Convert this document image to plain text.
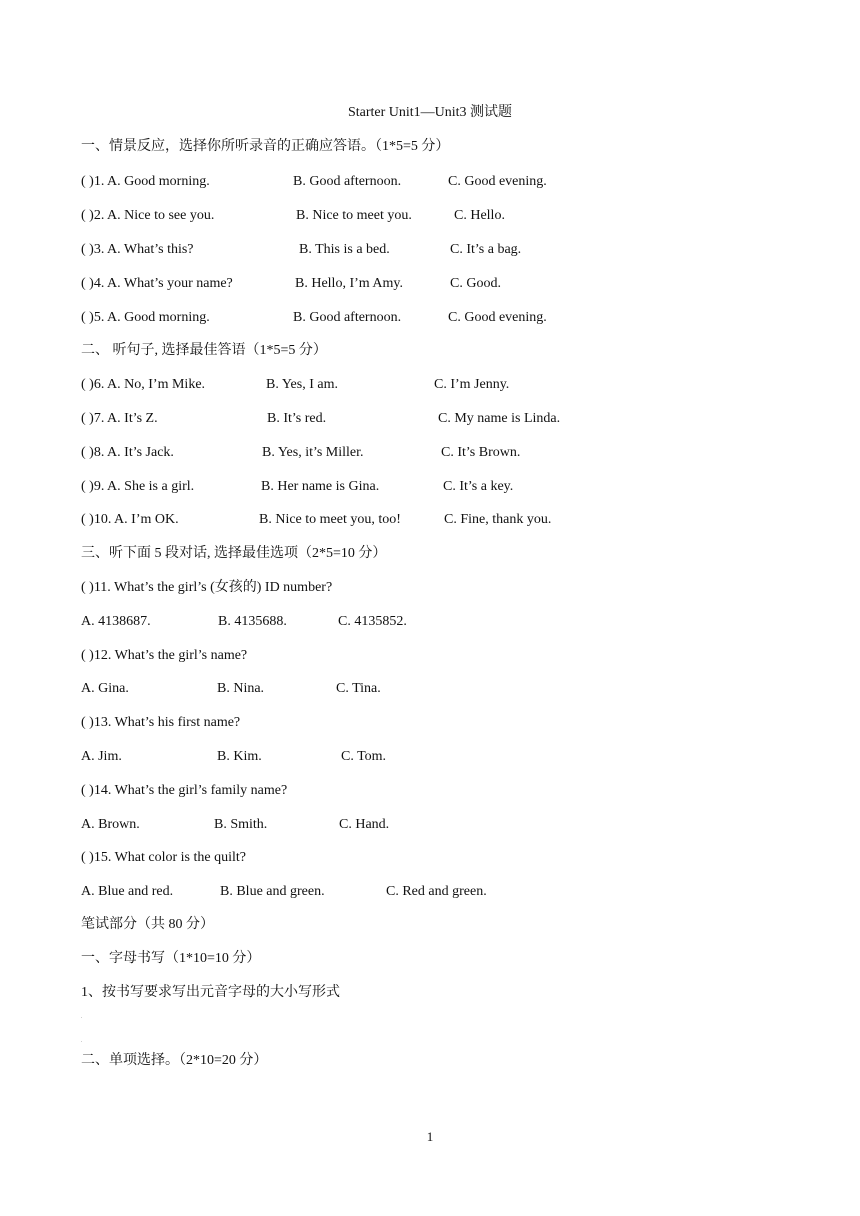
Starter Unit1—Unit3 测试题
一、情景反应，选择你所听录音的正确应答语。（1*5=5 分）
( )1. A. Good morning.	B. Good afternoon.	C. Good evening.
( )2. A. Nice to see you.	B. Nice to meet you.	C. Hello.
( )3. A. What’s this?	B. This is a bed.	C. It’s a bag.
( )4. A. What’s your name?	B. Hello, I’m Amy.	C. Good.
( )5. A. Good morning.	B. Good afternoon.	C. Good evening.
二、 听句子, 选择最佳答语（1*5=5 分）
( )6. A. No, I’m Mike.	B. Yes, I am.	C. I’m Jenny.
( )7. A. It’s Z.	B. It’s red.	C. My name is Linda.
( )8. A. It’s Jack.	B. Yes, it’s Miller.	C. It’s Brown.
( )9. A. She is a girl.	B. Her name is Gina.	C. It’s a key.
( )10. A. I’m OK.	B. Nice to meet you, too!	C. Fine, thank you.
三、听下面 5 段对话, 选择最佳选项（2*5=10 分）
( )11. What’s the girl’s (女孩的) ID number?
A. 4138687.	B. 4135688.	C. 4135852.
( )12. What’s the girl’s name?
A. Gina.	B. Nina.	C. Tina.
( )13. What’s his first name?
A. Jim.	B. Kim.	C. Tom.
( )14. What’s the girl’s family name?
A. Brown.	B. Smith.	C. Hand.
( )15. What color is the quilt?
A. Blue and red.	B. Blue and green.	C. Red and green.
笔试部分（共 80 分）
一、字母书写（1*10=10 分）
1、按书写要求写出元音字母的大小写形式
二、单项选择。（2*10=20 分）
1
